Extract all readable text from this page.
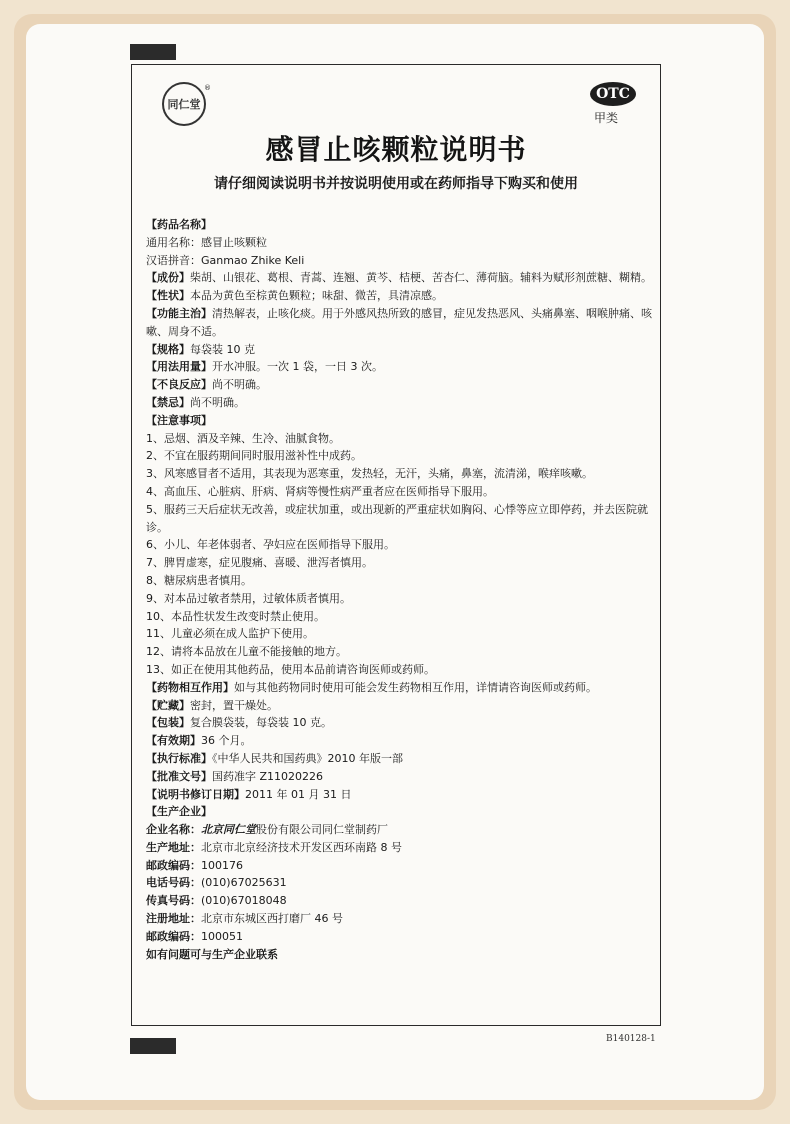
同仁堂
®	OTC
甲类
感冒止咳颗粒说明书
请仔细阅读说明书并按说明使用或在药师指导下购买和使用
【药品名称】
通用名称：感冒止咳颗粒
汉语拼音：Ganmao Zhike Keli
【成份】柴胡、山银花、葛根、青蒿、连翘、黄芩、桔梗、苦杏仁、薄荷脑。辅料为赋形剂蔗糖、糊精。
【性状】本品为黄色至棕黄色颗粒；味甜、微苦，具清凉感。
【功能主治】清热解表，止咳化痰。用于外感风热所致的感冒，症见发热恶风、头痛鼻塞、咽喉肿痛、咳嗽、周身不适。
【规格】每袋装 10 克
【用法用量】开水冲服。一次 1 袋，一日 3 次。
【不良反应】尚不明确。
【禁忌】尚不明确。
【注意事项】
1、忌烟、酒及辛辣、生冷、油腻食物。
2、不宜在服药期间同时服用滋补性中成药。
3、风寒感冒者不适用，其表现为恶寒重，发热轻，无汗，头痛，鼻塞，流清涕，喉痒咳嗽。
4、高血压、心脏病、肝病、肾病等慢性病严重者应在医师指导下服用。
5、服药三天后症状无改善，或症状加重，或出现新的严重症状如胸闷、心悸等应立即停药，并去医院就诊。
6、小儿、年老体弱者、孕妇应在医师指导下服用。
7、脾胃虚寒，症见腹痛、喜暖、泄泻者慎用。
8、糖尿病患者慎用。
9、对本品过敏者禁用，过敏体质者慎用。
10、本品性状发生改变时禁止使用。
11、儿童必须在成人监护下使用。
12、请将本品放在儿童不能接触的地方。
13、如正在使用其他药品，使用本品前请咨询医师或药师。
【药物相互作用】如与其他药物同时使用可能会发生药物相互作用，详情请咨询医师或药师。
【贮藏】密封，置干燥处。
【包装】复合膜袋装，每袋装 10 克。
【有效期】36 个月。
【执行标准】《中华人民共和国药典》2010 年版一部
【批准文号】国药准字 Z11020226
【说明书修订日期】2011 年 01 月 31 日
【生产企业】
企业名称：北京同仁堂股份有限公司同仁堂制药厂
生产地址：北京市北京经济技术开发区西环南路 8 号
邮政编码：100176
电话号码：(010)67025631
传真号码：(010)67018048
注册地址：北京市东城区西打磨厂 46 号
邮政编码：100051
如有问题可与生产企业联系
B140128-1
